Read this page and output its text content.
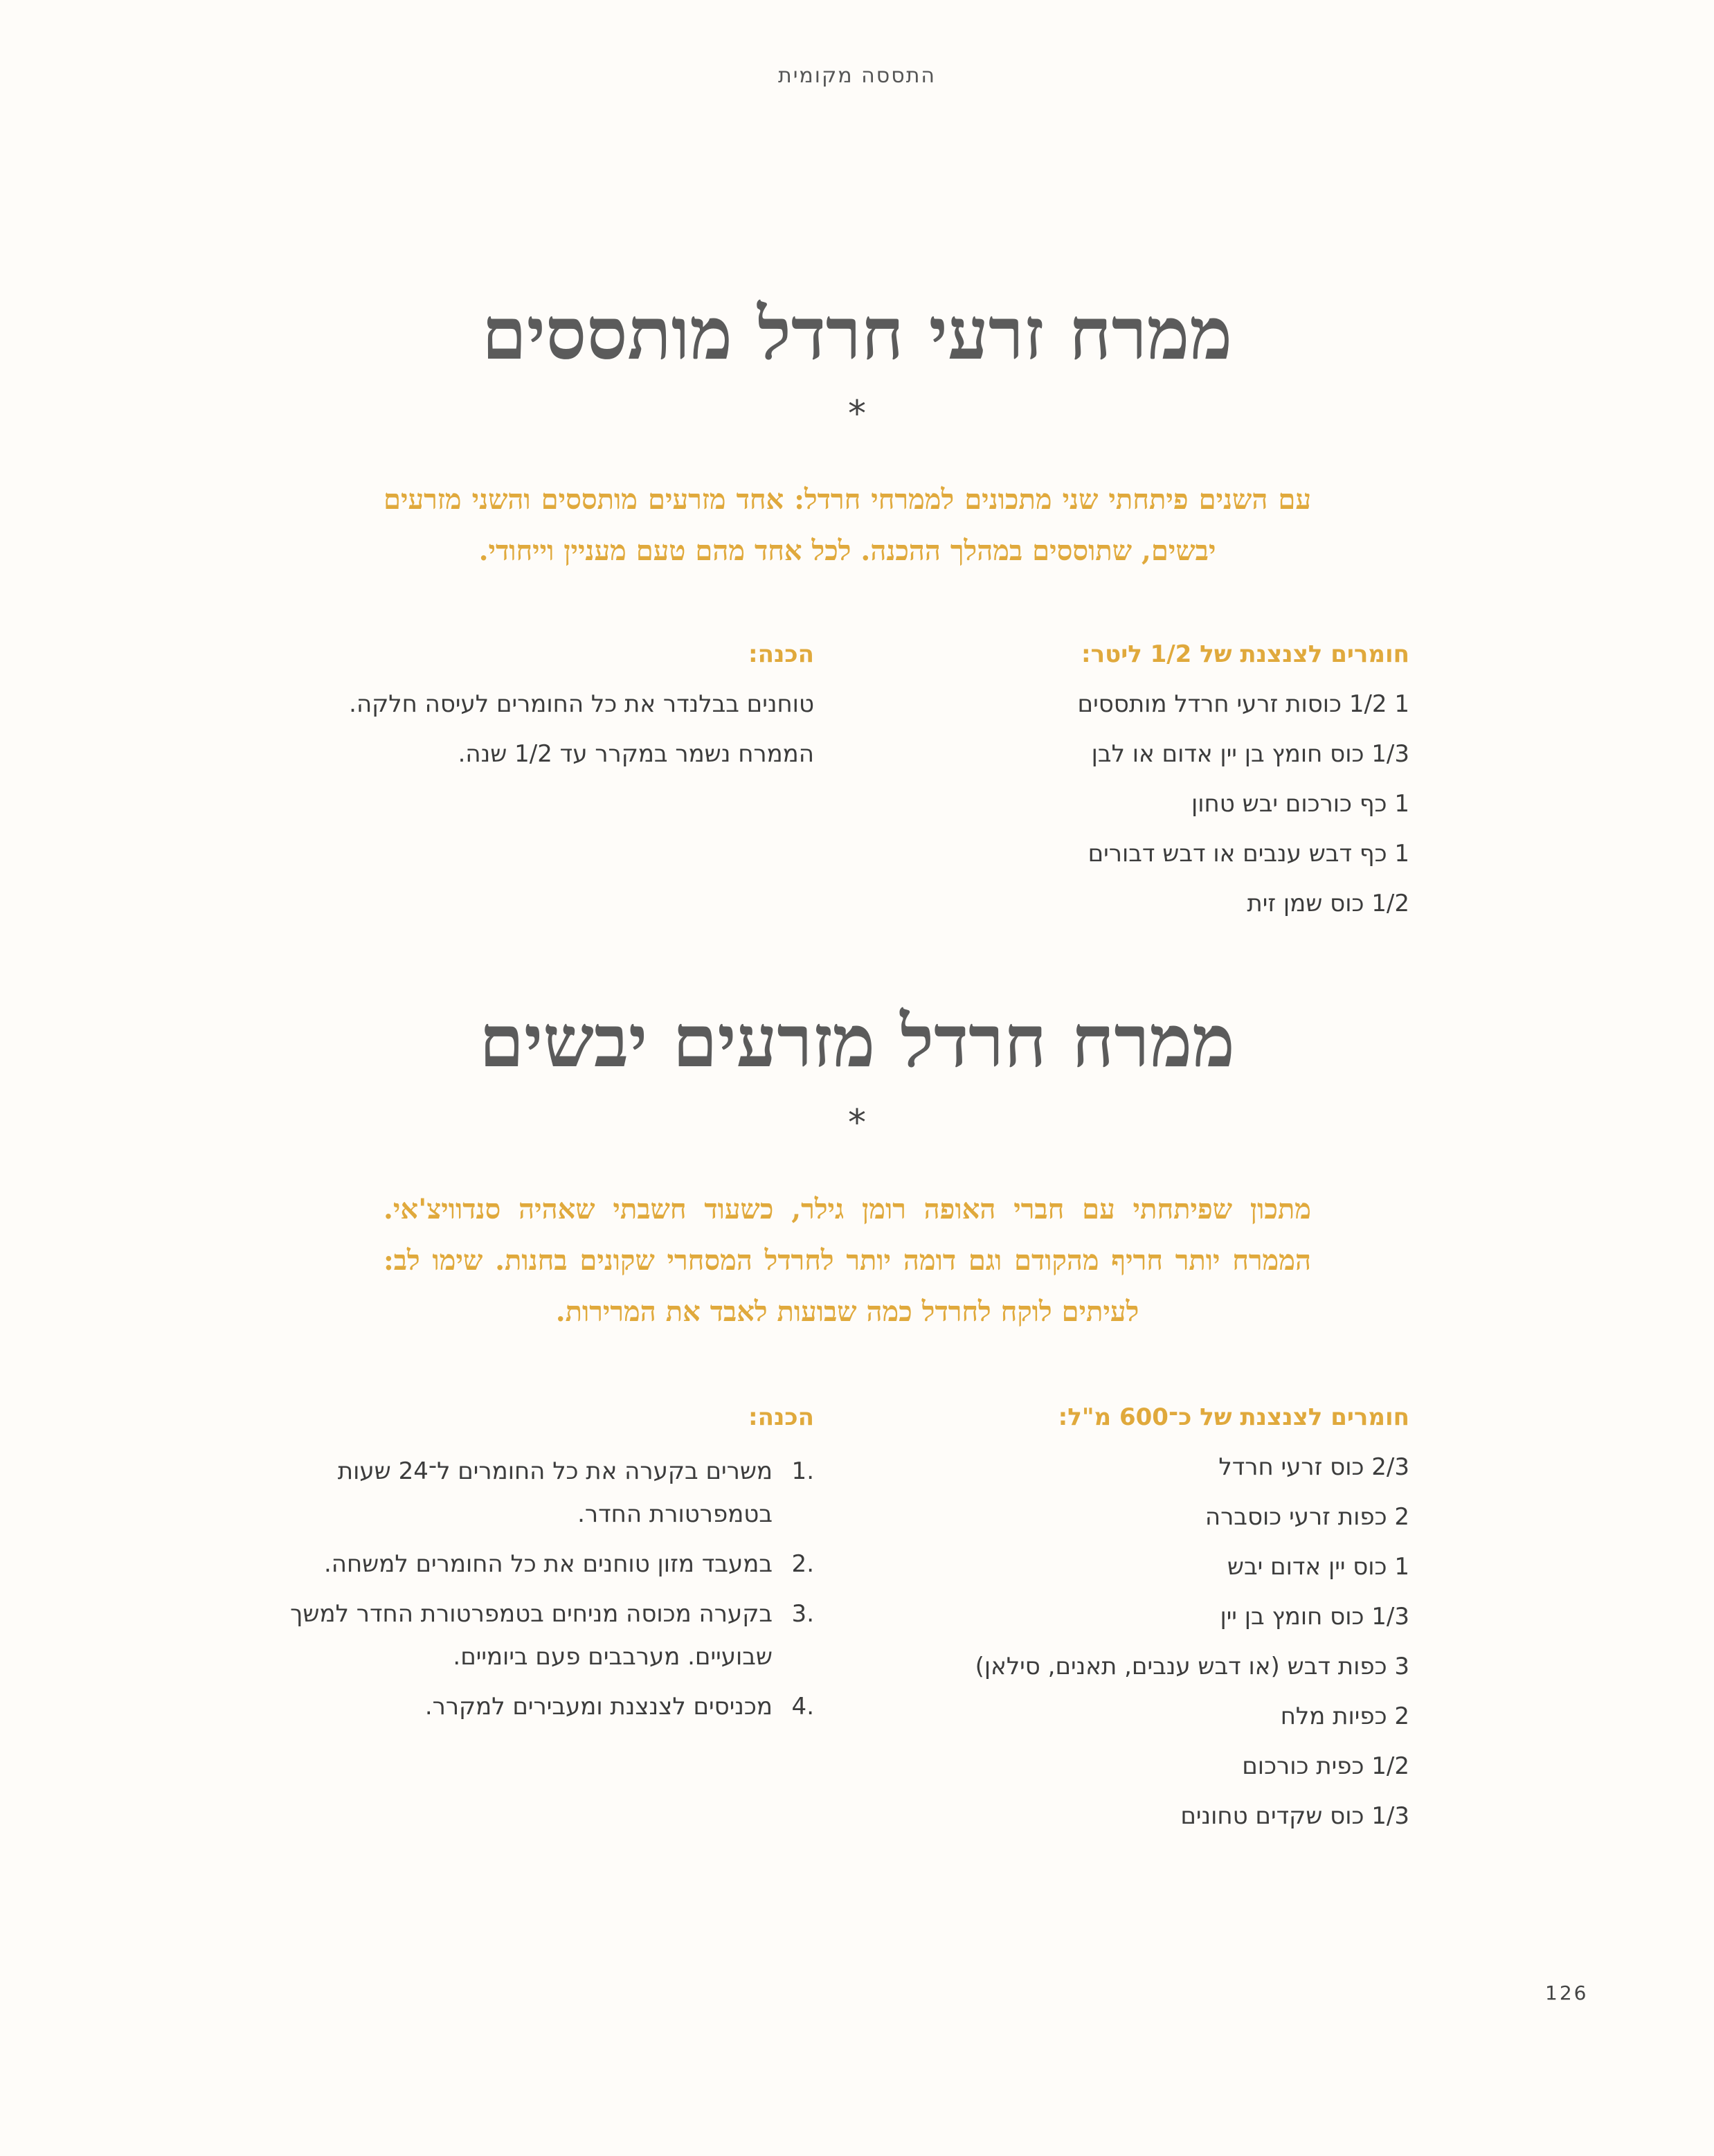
התססה מקומית
ממרח זרעי חרדל מותססים
*

עם השנים פיתחתי שני מתכונים לממרחי חרדל: אחד מזרעים מותססים והשני מזרעים יבשים, שתוססים במהלך ההכנה. לכל אחד מהם טעם מעניין וייחודי.

חומרים לצנצנת של 1/2 ליטר:
1 1/2 כוסות זרעי חרדל מותססים
1/3 כוס חומץ בן יין אדום או לבן
1 כף כורכום יבש טחון
1 כף דבש ענבים או דבש דבורים
1/2 כוס שמן זית
הכנה:
טוחנים בבלנדר את כל החומרים לעיסה חלקה.
הממרח נשמר במקרר עד 1/2 שנה.
ממרח חרדל מזרעים יבשים
*

מתכון שפיתחתי עם חברי האופה רומן גילר, כשעוד חשבתי שאהיה סנדוויצ'אי. הממרח יותר חריף מהקודם וגם דומה יותר לחרדל המסחרי שקונים בחנות. שימו לב: לעיתים לוקח לחרדל כמה שבועות לאבד את המרירות.

חומרים לצנצנת של כ־600 מ"ל:
2/3 כוס זרעי חרדל
2 כפות זרעי כוסברה
1 כוס יין אדום יבש
1/3 כוס חומץ בן יין
3 כפות דבש (או דבש ענבים, תאנים, סילאן)
2 כפיות מלח
1/2 כפית כורכום
1/3 כוס שקדים טחונים
הכנה:
.1
משרים בקערה את כל החומרים ל־24 שעות בטמפרטורת החדר.
.2
במעבד מזון טוחנים את כל החומרים למשחה.
.3
בקערה מכוסה מניחים בטמפרטורת החדר למשך שבועיים. מערבבים פעם ביומיים.
.4
מכניסים לצנצנת ומעבירים למקרר.
126
